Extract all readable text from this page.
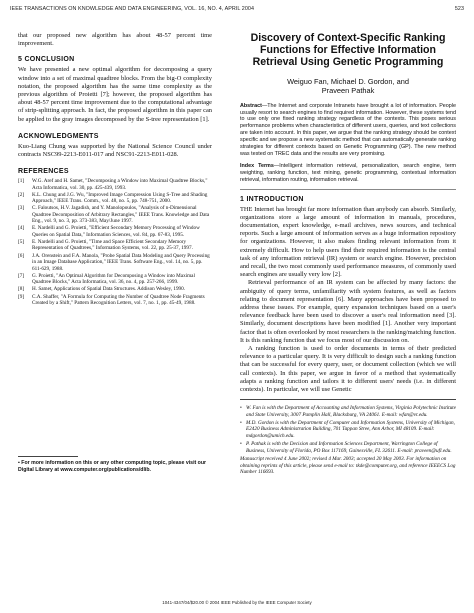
IEEE TRANSACTIONS ON KNOWLEDGE AND DATA ENGINEERING, VOL. 16, NO. 4, APRIL 2004	523

that our proposed new algorithm has about 48-57 percent time improvement.

5 CONCLUSION

We have presented a new optimal algorithm for decomposing a query window into a set of maximal quadtree blocks. From the big-O complexity notation, the proposed algorithm has the same time complexity as the previous algorithm of Proietti [7]; however, the proposed algorithm has about 48-57 percent time improvement due to the computational advantage of strip-splitting approach. In fact, the proposed algorithm in this paper can be applied to the gray images decomposed by the S-tree representation [1].

ACKNOWLEDGMENTS

Kuo-Liang Chung was supported by the National Science Council under contracts NSC99-2213-E011-017 and NSC91-2213-E011-028.

REFERENCES
[1] W.G. Aref and H. Samet, "Decomposing a Window into Maximal Quadtree Blocks," Acta Informatica, vol. 30, pp. 425-439, 1993.
[2] K.L. Chung and J.G. Wu, "Improved Image Compression Using S-Tree and Shading Approach," IEEE Trans. Comm., vol. 48, no. 5, pp. 748-751, 2000.
[3] C. Faloutsos, H.V. Jagadish, and Y. Manolopoulos, "Analysis of n-Dimensional Quadtree Decomposition of Arbitrary Rectangles," IEEE Trans. Knowledge and Data Eng., vol. 9, no. 3, pp. 373-383, May/June 1997.
[4] E. Nardelli and G. Proietti, "Efficient Secondary Memory Processing of Window Queries on Spatial Data," Information Sciences, vol. 84, pp. 67-83, 1995.
[5] E. Nardelli and G. Proietti, "Time and Space Efficient Secondary Memory Representation of Quadtrees," Information Systems, vol. 22, pp. 25-37, 1997.
[6] J.A. Orenstein and F.A. Manola, "Probe Spatial Data Modeling and Query Processing in an Image Database Application," IEEE Trans. Software Eng., vol. 14, no. 5, pp. 611-629, 1988.
[7] G. Proietti, "An Optimal Algorithm for Decomposing a Window into Maximal Quadtree Blocks," Acta Informatica, vol. 36, no. 4, pp. 257-266, 1999.
[8] H. Samet, Applications of Spatial Data Structures. Addison Wesley, 1990.
[9] C.A. Shaffer, "A Formula for Computing the Number of Quadtree Node Fragments Created by a Shift," Pattern Recognition Letters, vol. 7, no. 1, pp. 45-49, 1988.
▪ For more information on this or any other computing topic, please visit our Digital Library at www.computer.org/publications/dlib.
Discovery of Context-Specific Ranking Functions for Effective Information Retrieval Using Genetic Programming
Weiguo Fan, Michael D. Gordon, and
Praveen Pathak
Abstract—The Internet and corporate Intranets have brought a lot of information. People usually resort to search engines to find required information. However, these systems tend to use only one fixed ranking strategy regardless of the contexts. This poses serious performance problems when characteristics of different users, queries, and text collections are taken into account. In this paper, we argue that the ranking strategy should be context specific and we propose a new systematic method that can automatically generate ranking strategies for different contexts based on Genetic Programming (GP). The new method was tested on TREC data and the results are very promising.
Index Terms—Intelligent information retrieval, personalization, search engine, term weighting, ranking function, text mining, genetic programming, contextual information retrieval, information routing, information retrieval.
1 INTRODUCTION

THE Internet has brought far more information than anybody can absorb. Similarly, organizations store a large amount of information in manuals, procedures, documentation, expert knowledge, e-mail archives, news sources, and technical reports. Such a large amount of information serves as a huge information repository for organizations. However, it also makes finding relevant information from it extremely difficult. How to help users find their required information is the central task of any information retrieval (IR) system or search engine. However, precision and recall, the two most commonly used performance measures, of commonly used search engines are usually very low [2].

Retrieval performance of an IR system can be affected by many factors: the ambiguity of query terms, unfamiliarity with system features, as well as factors relating to document representation [6]. Many approaches have been proposed to address these issues. For example, query expansion techniques based on a user's relevance feedback have been used to discover a user's real information need [3]. Similarly, document descriptions have been modified [1]. Another very important factor that is often overlooked by most researchers is the ranking/matching function. It is this ranking function that we focus most of our discussion on.

A ranking function is used to order documents in terms of their predicted relevance to a particular query. It is very difficult to design such a ranking function that can be successful for every query, user, or document collection (which we will call contexts). In this paper, we argue in favor of a method that systematically adapts a ranking function and tailors it to different users' needs (i.e. in different contexts). In particular, we will use Genetic

• W. Fan is with the Department of Accounting and Information Systems, Virginia Polytechnic Institute and State University, 3007 Pamplin Hall, Blacksburg, VA 24061. E-mail: wfan@vt.edu.
• M.D. Gordon is with the Department of Computer and Information Systems, University of Michigan, E2420 Business Administration Building, 701 Tappan Stree, Ann Arbor, MI 48109. E-mail: mdgordon@umich.edu.
• P. Pathak is with the Decision and Information Sciences Department, Warrington College of Business, University of Florida, PO Box 117169, Gainesville, FL 32611. E-mail: praveen@ufl.edu.
Manuscript received 4 June 2002; revised 4 Mar. 2003; accepted 20 May 2003. For information on obtaining reprints of this article, please send e-mail to: tkde@computer.org, and reference IEEECS Log Number 116693.
1041-4347/04/$20.00 © 2004 IEEE Published by the IEEE Computer Society
